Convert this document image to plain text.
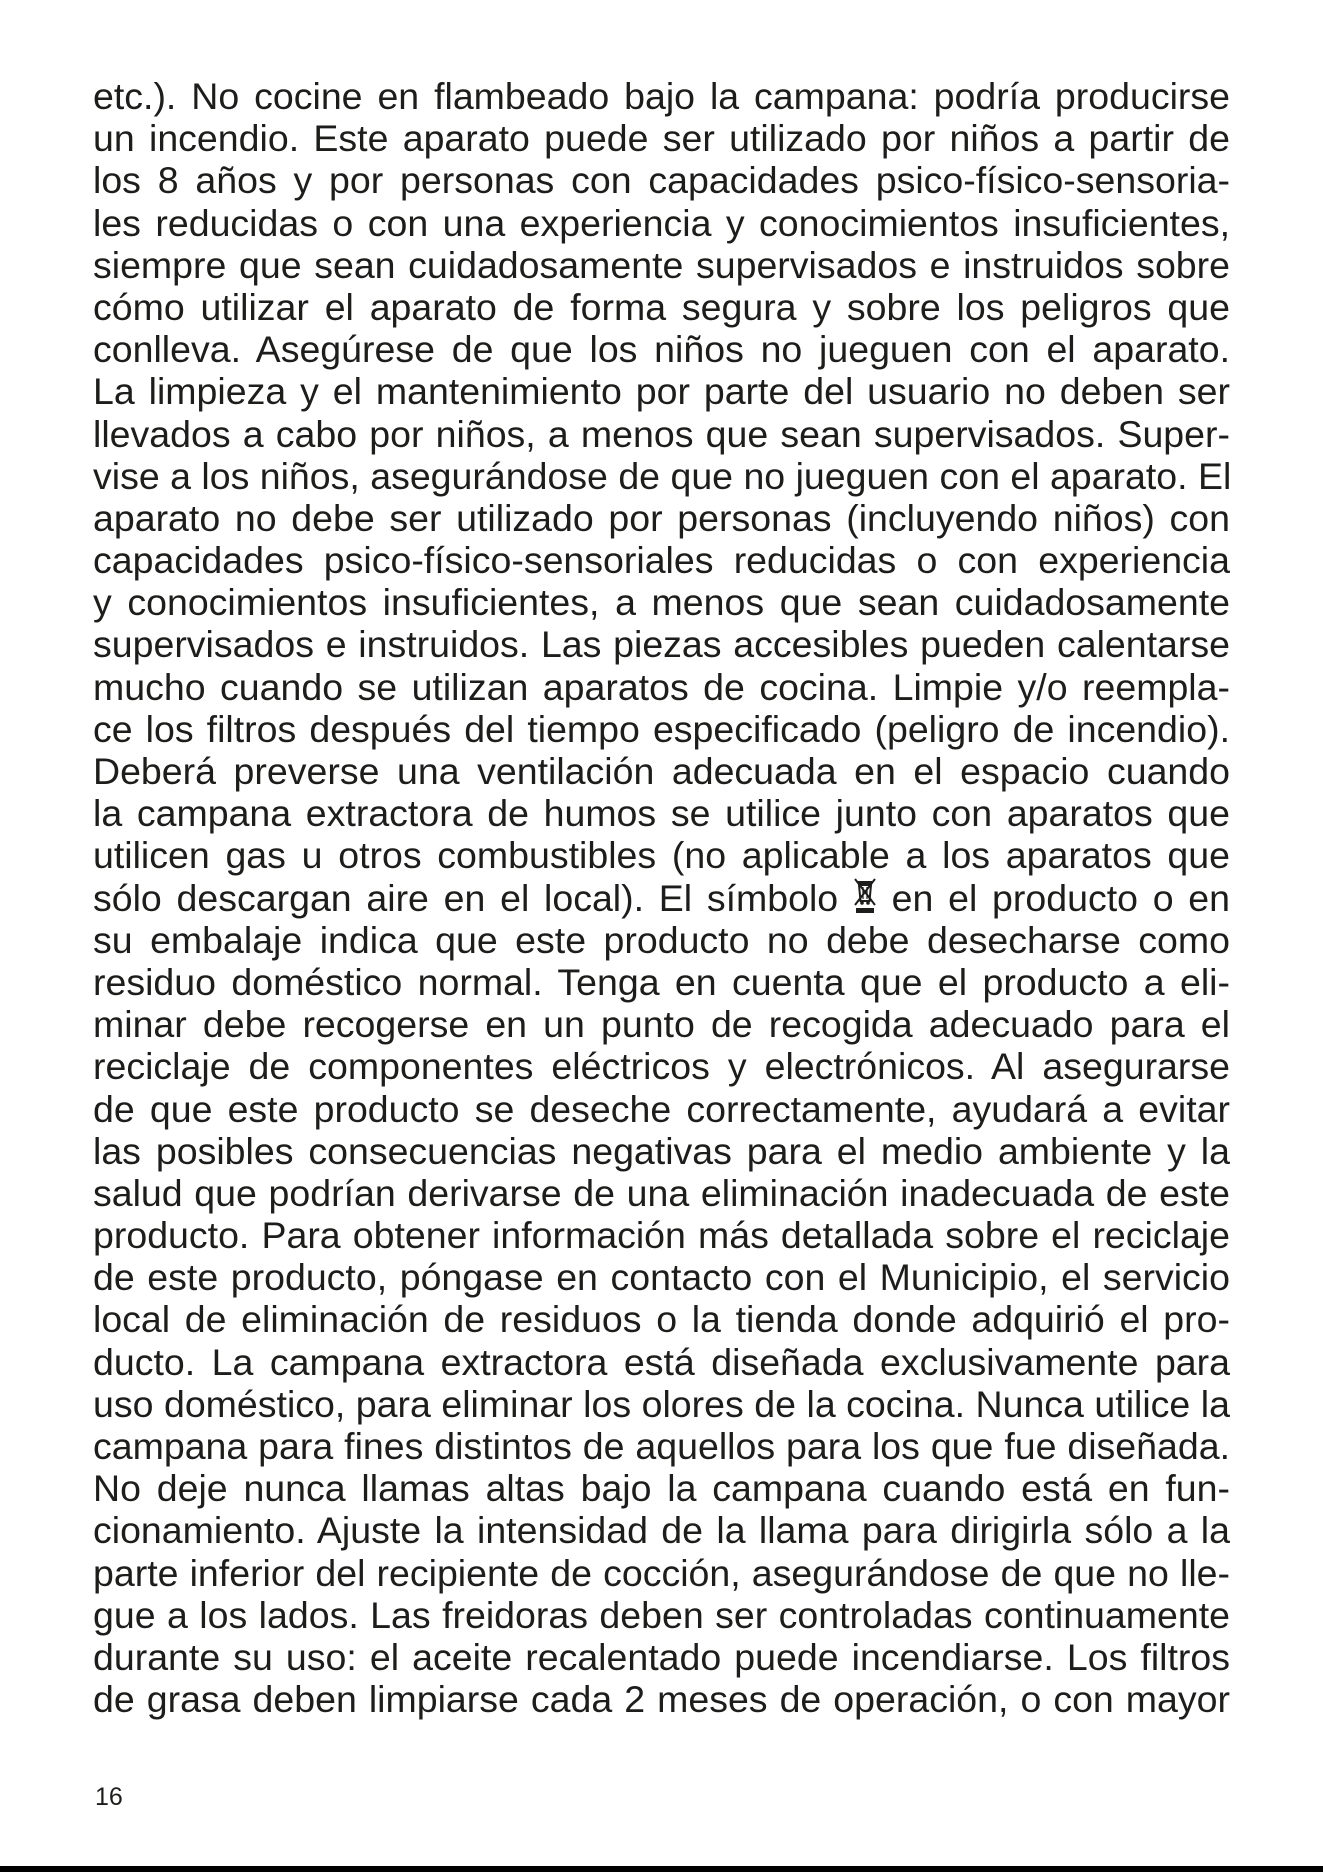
etc.). No cocine en flambeado bajo la campana: podría producirse
un incendio. Este aparato puede ser utilizado por niños a partir de
los 8 años y por personas con capacidades psico-físico-sensoria-
les reducidas o con una experiencia y conocimientos insuficientes,
siempre que sean cuidadosamente supervisados e instruidos sobre
cómo utilizar el aparato de forma segura y sobre los peligros que
conlleva. Asegúrese de que los niños no jueguen con el aparato.
La limpieza y el mantenimiento por parte del usuario no deben ser
llevados a cabo por niños, a menos que sean supervisados. Super-
vise a los niños, asegurándose de que no jueguen con el aparato. El
aparato no debe ser utilizado por personas (incluyendo niños) con
capacidades psico-físico-sensoriales reducidas o con experiencia
y conocimientos insuficientes, a menos que sean cuidadosamente
supervisados e instruidos. Las piezas accesibles pueden calentarse
mucho cuando se utilizan aparatos de cocina. Limpie y/o reempla-
ce los filtros después del tiempo especificado (peligro de incendio).
Deberá preverse una ventilación adecuada en el espacio cuando
la campana extractora de humos se utilice junto con aparatos que
utilicen gas u otros combustibles (no aplicable a los aparatos que
sólo descargan aire en el local). El símbolo en el producto o en
su embalaje indica que este producto no debe desecharse como
residuo doméstico normal. Tenga en cuenta que el producto a eli-
minar debe recogerse en un punto de recogida adecuado para el
reciclaje de componentes eléctricos y electrónicos. Al asegurarse
de que este producto se deseche correctamente, ayudará a evitar
las posibles consecuencias negativas para el medio ambiente y la
salud que podrían derivarse de una eliminación inadecuada de este
producto. Para obtener información más detallada sobre el reciclaje
de este producto, póngase en contacto con el Municipio, el servicio
local de eliminación de residuos o la tienda donde adquirió el pro-
ducto. La campana extractora está diseñada exclusivamente para
uso doméstico, para eliminar los olores de la cocina. Nunca utilice la
campana para fines distintos de aquellos para los que fue diseñada.
No deje nunca llamas altas bajo la campana cuando está en fun-
cionamiento. Ajuste la intensidad de la llama para dirigirla sólo a la
parte inferior del recipiente de cocción, asegurándose de que no lle-
gue a los lados. Las freidoras deben ser controladas continuamente
durante su uso: el aceite recalentado puede incendiarse. Los filtros
de grasa deben limpiarse cada 2 meses de operación, o con mayor
16
